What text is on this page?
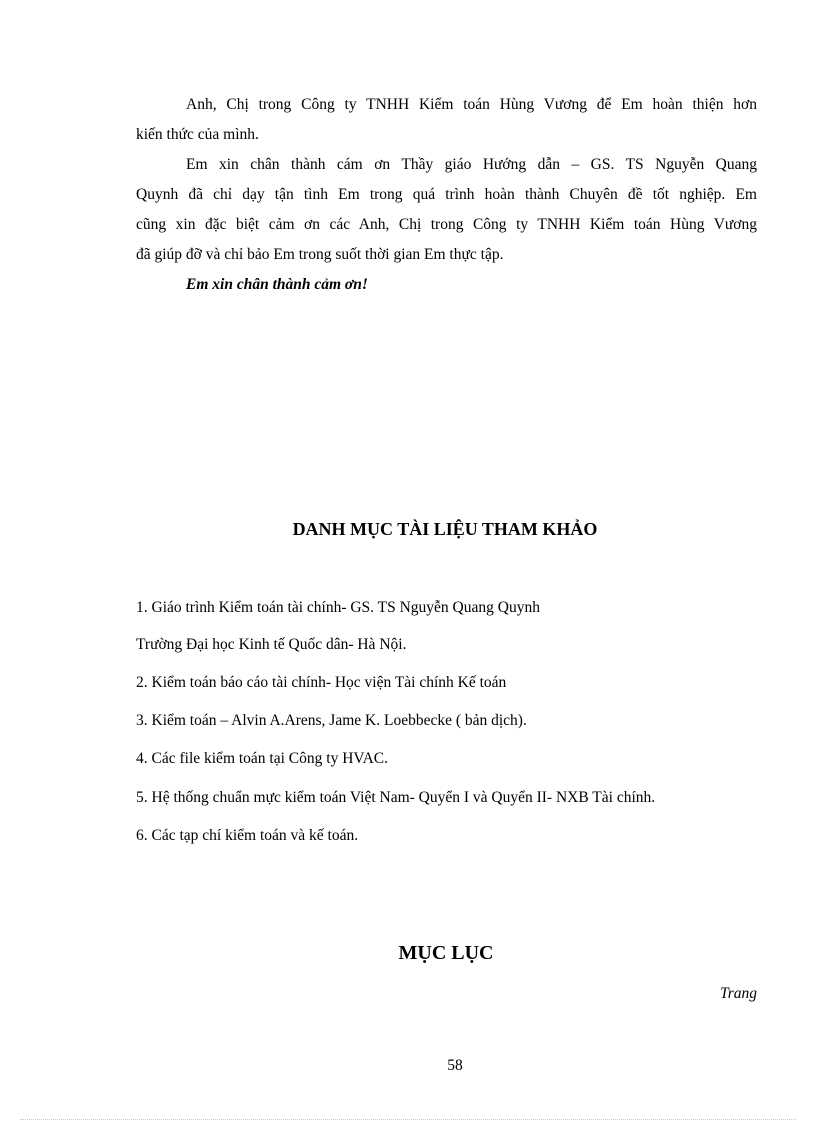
Anh, Chị trong Công ty TNHH Kiểm toán Hùng Vương để Em hoàn thiện hơn
kiến thức của mình.
Em xin chân thành cám ơn Thầy giáo Hướng dẫn – GS. TS Nguyễn Quang
Quynh đã chỉ dạy tận tình Em trong quá trình hoàn thành Chuyên đề tốt nghiệp. Em
cũng xin đặc biệt cảm ơn các Anh, Chị trong Công ty TNHH Kiểm toán Hùng Vương
đã giúp đỡ và chỉ bảo Em trong suốt thời gian Em thực tập.
Em xin chân thành cảm ơn!
DANH MỤC TÀI LIỆU THAM KHẢO
1. Giáo trình Kiểm toán tài chính- GS. TS Nguyễn Quang Quynh
Trường Đại học Kinh tế Quốc dân- Hà Nội.
2. Kiểm toán báo cáo tài chính- Học viện Tài chính Kế toán
3. Kiểm toán – Alvin A.Arens, Jame K. Loebbecke ( bản dịch).
4. Các file kiểm toán tại Công ty HVAC.
5. Hệ thống chuẩn mực kiểm toán Việt Nam- Quyển I và Quyển II- NXB Tài chính.
6. Các tạp chí kiểm toán và kế toán.
MỤC LỤC
Trang
58
